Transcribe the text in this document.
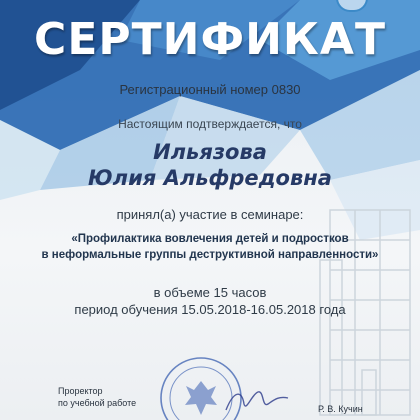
СЕРТИФИКАТ
Регистрационный номер 0830
Настоящим подтверждается, что
Ильязова
Юлия Альфредовна
принял(а) участие в семинаре:
«Профилактика вовлечения детей и подростков
в неформальные группы деструктивной направленности»
в объеме 15 часов
период обучения 15.05.2018-16.05.2018 года
Проректор
по учебной работе
Р. В. Кучин
